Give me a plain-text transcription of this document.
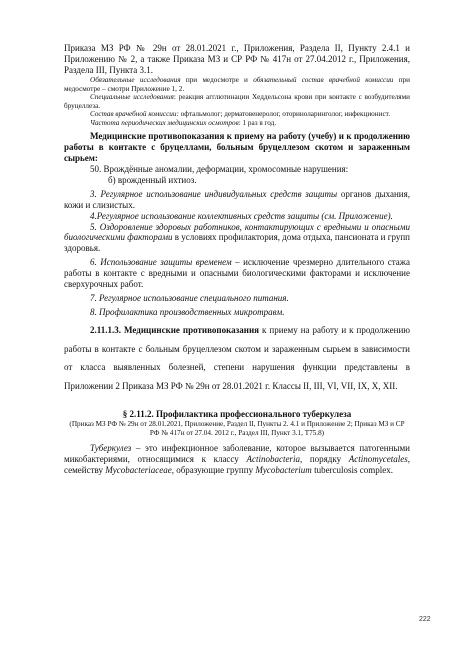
Приказа МЗ РФ № 29н от 28.01.2021 г., Приложения, Раздела II, Пункту 2.4.1 и Приложению № 2, а также Приказа МЗ и СР РФ № 417н от 27.04.2012 г., Приложения, Раздела III, Пункта 3.1.

Обязательные исследования при медосмотре и обязательный состав врачебной комиссии при медосмотре – смотри Приложение 1, 2.

Специальные исследования: реакция агглютинации Хеддельсона крови при контакте с возбудителями бруцеллеза.

Состав врачебной комиссии: офтальмолог; дерматовенеролог, оториноларинголог, инфекционист.

Частота периодических медицинских осмотров: 1 раз в год.

Медицинские противопоказания к приему на работу (учебу) и к продолжению работы в контакте с бруцеллами, больным бруцеллезом скотом и зараженным сырьем:

50. Врождённые аномалии, деформации, хромосомные нарушения:

б) врожденный ихтиоз.

3. Регулярное использование индивидуальных средств защиты органов дыхания, кожи и слизистых.

4.Регулярное использование коллективных средств защиты (см. Приложение).

5. Оздоровление здоровых работников, контактирующих с вредными и опасными биологическими факторами в условиях профилактория, дома отдыха, пансионата и групп здоровья.

6. Использование защиты временем – исключение чрезмерно длительного стажа работы в контакте с вредными и опасными биологическими факторами и исключение сверхурочных работ.

7. Регулярное использование специального питания.

8. Профилактика производственных микротравм.

2.11.1.3. Медицинские противопоказания к приему на работу и к продолжению работы в контакте с больным бруцеллезом скотом и зараженным сырьем в зависимости от класса выявленных болезней, степени нарушения функции представлены в Приложении 2 Приказа МЗ РФ № 29н от 28.01.2021 г. Классы II, III, VI, VII, IX, X, XII.

§ 2.11.2. Профилактика профессионального туберкулеза

(Приказ МЗ РФ № 29н от 28.01.2021, Приложение, Раздел II, Пункты 2. 4.1 и Приложение 2; Приказ МЗ и СР РФ № 417н от 27.04. 2012 г., Раздел III, Пункт 3.1, Т75.8)

Туберкулез – это инфекционное заболевание, которое вызывается патогенными микобактериями, относящимися к классу Actinobacteria, порядку Actinomycetales, семейству Mycobacteriaceae, образующие группу Mycobacterium tuberculosis complex.

222
